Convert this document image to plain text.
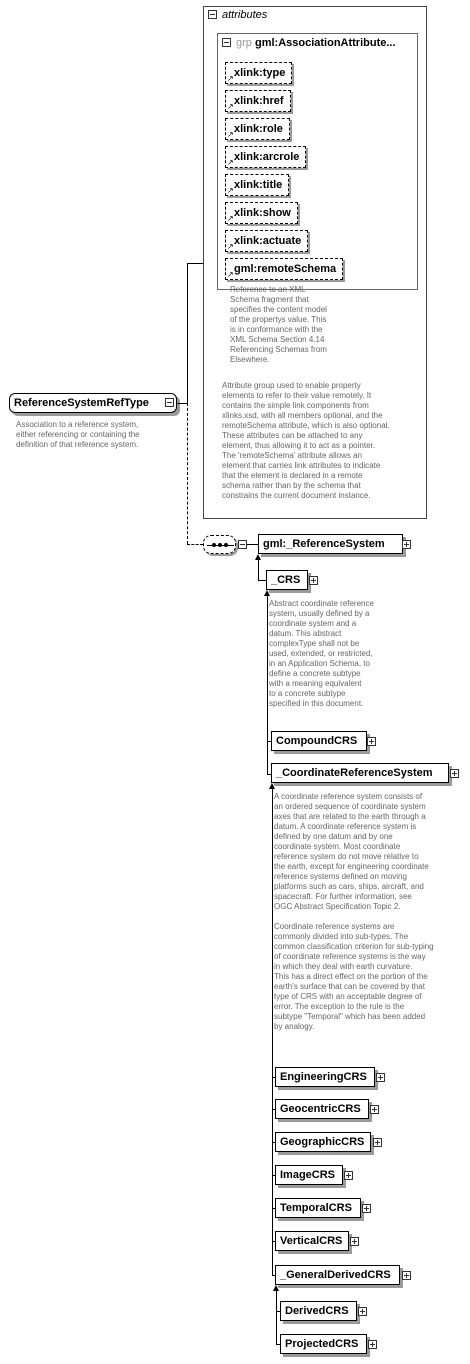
ReferenceSystemRefType
Association to a reference system,
either referencing or containing the
definition of that reference system.
attributes
grp gml:AssociationAttribute...
↗ xlink:type
↗ xlink:href
↗ xlink:role
↗ xlink:arcrole
↗ xlink:title
↗ xlink:show
↗ xlink:actuate
↗ gml:remoteSchema
Reference to an XML
Schema fragment that
specifies the content model
of the propertys value. This
is in conformance with the
XML Schema Section 4.14
Referencing Schemas from
Elsewhere.
Attribute group used to enable property
elements to refer to their value remotely. It
contains the simple link components from
xlinks.xsd, with all members optional, and the
remoteSchema attribute, which is also optional.
These attributes can be attached to any
element, thus allowing it to act as a pointer.
The 'remoteSchema' attribute allows an
element that carries link attributes to indicate
that the element is declared in a remote
schema rather than by the schema that
constrains the current document instance.
gml:_ReferenceSystem
_CRS
Abstract coordinate reference
system, usually defined by a
coordinate system and a
datum. This abstract
complexType shall not be
used, extended, or restricted,
in an Application Schema, to
define a concrete subtype
with a meaning equivalent
to a concrete subtype
specified in this document.
CompoundCRS
_CoordinateReferenceSystem
A coordinate reference system consists of
an ordered sequence of coordinate system
axes that are related to the earth through a
datum. A coordinate reference system is
defined by one datum and by one
coordinate system. Most coordinate
reference system do not move relative to
the earth, except for engineering coordinate
reference systems defined on moving
platforms such as cars, ships, aircraft, and
spacecraft. For further information, see
OGC Abstract Specification Topic 2.

Coordinate reference systems are
commonly divided into sub-types. The
common classification criterion for sub-typing
of coordinate reference systems is the way
in which they deal with earth curvature.
This has a direct effect on the portion of the
earth's surface that can be covered by that
type of CRS with an acceptable degree of
error. The exception to the rule is the
subtype "Temporal" which has been added
by analogy.
EngineeringCRS
GeocentricCRS
GeographicCRS
ImageCRS
TemporalCRS
VerticalCRS
_GeneralDerivedCRS
DerivedCRS
ProjectedCRS
